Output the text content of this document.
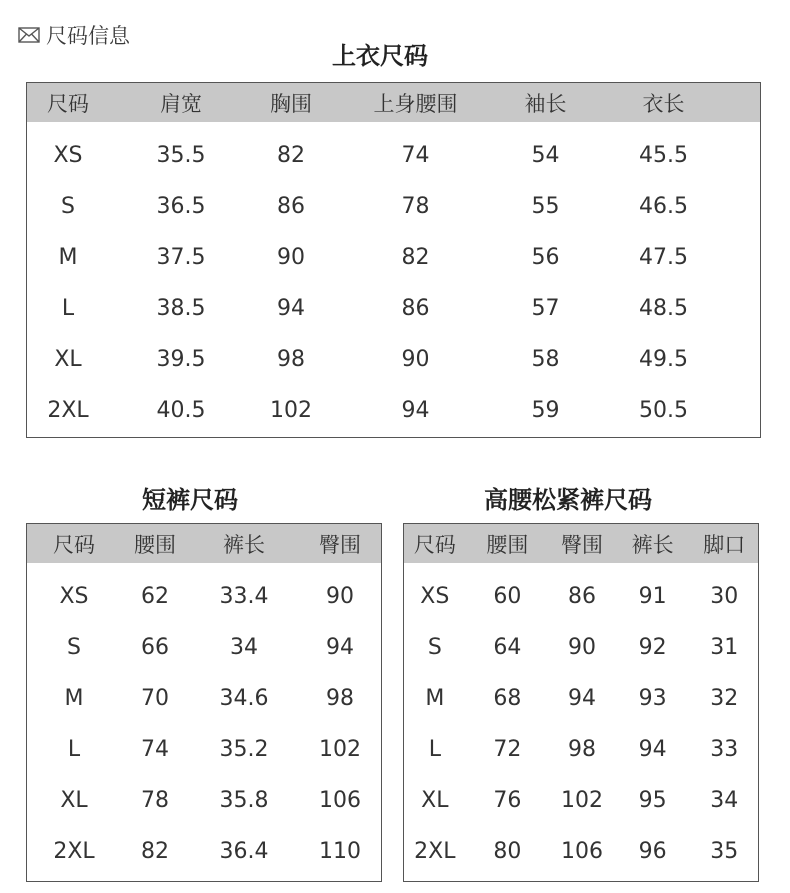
尺码信息
上衣尺码
尺码	肩宽	胸围	上身腰围	袖长	衣长
XS	35.5	82	74	54	45.5
S	36.5	86	78	55	46.5
M	37.5	90	82	56	47.5
L	38.5	94	86	57	48.5
XL	39.5	98	90	58	49.5
2XL	40.5	102	94	59	50.5
短裤尺码
尺码	腰围	裤长	臀围
XS	62	33.4	90
S	66	34	94
M	70	34.6	98
L	74	35.2	102
XL	78	35.8	106
2XL	82	36.4	110
高腰松紧裤尺码
尺码	腰围	臀围	裤长	脚口
XS	60	86	91	30
S	64	90	92	31
M	68	94	93	32
L	72	98	94	33
XL	76	102	95	34
2XL	80	106	96	35
